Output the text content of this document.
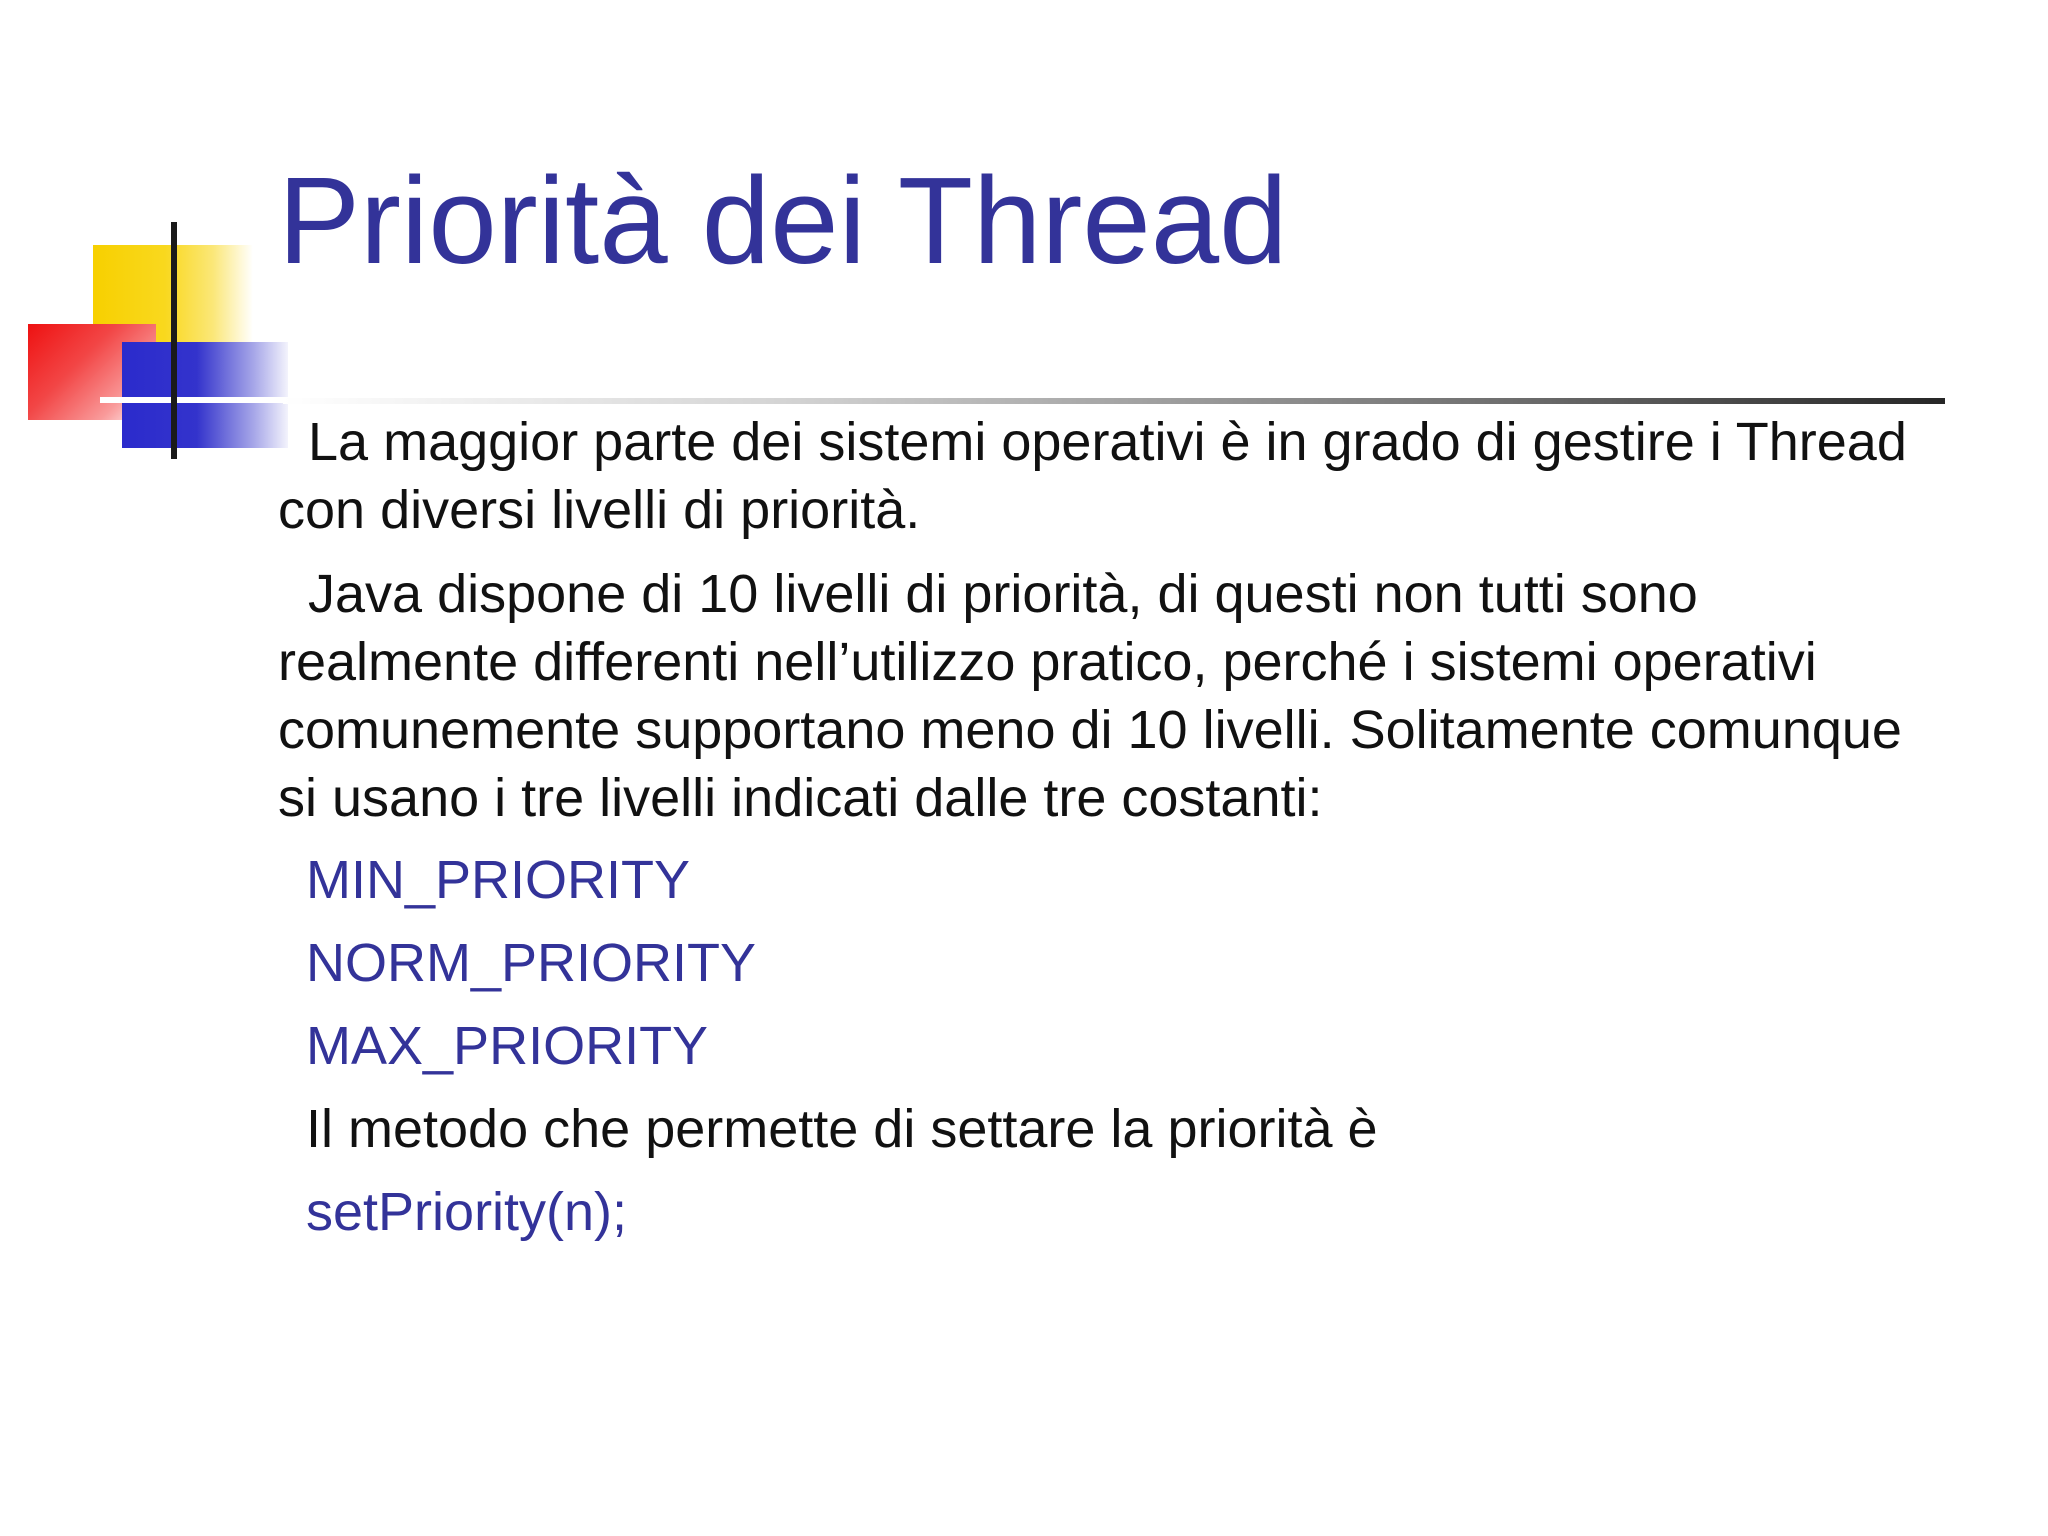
Priorità dei Thread

La maggior parte dei sistemi operativi è in grado di gestire i Thread con diversi livelli di priorità.

Java dispone di 10 livelli di priorità, di questi non tutti sono realmente differenti nell’utilizzo pratico, perché i sistemi operativi comunemente supportano meno di 10 livelli. Solitamente comunque si usano i tre livelli indicati dalle tre costanti:

MIN_PRIORITY

NORM_PRIORITY

MAX_PRIORITY

Il metodo che permette di settare la priorità è

setPriority(n);
